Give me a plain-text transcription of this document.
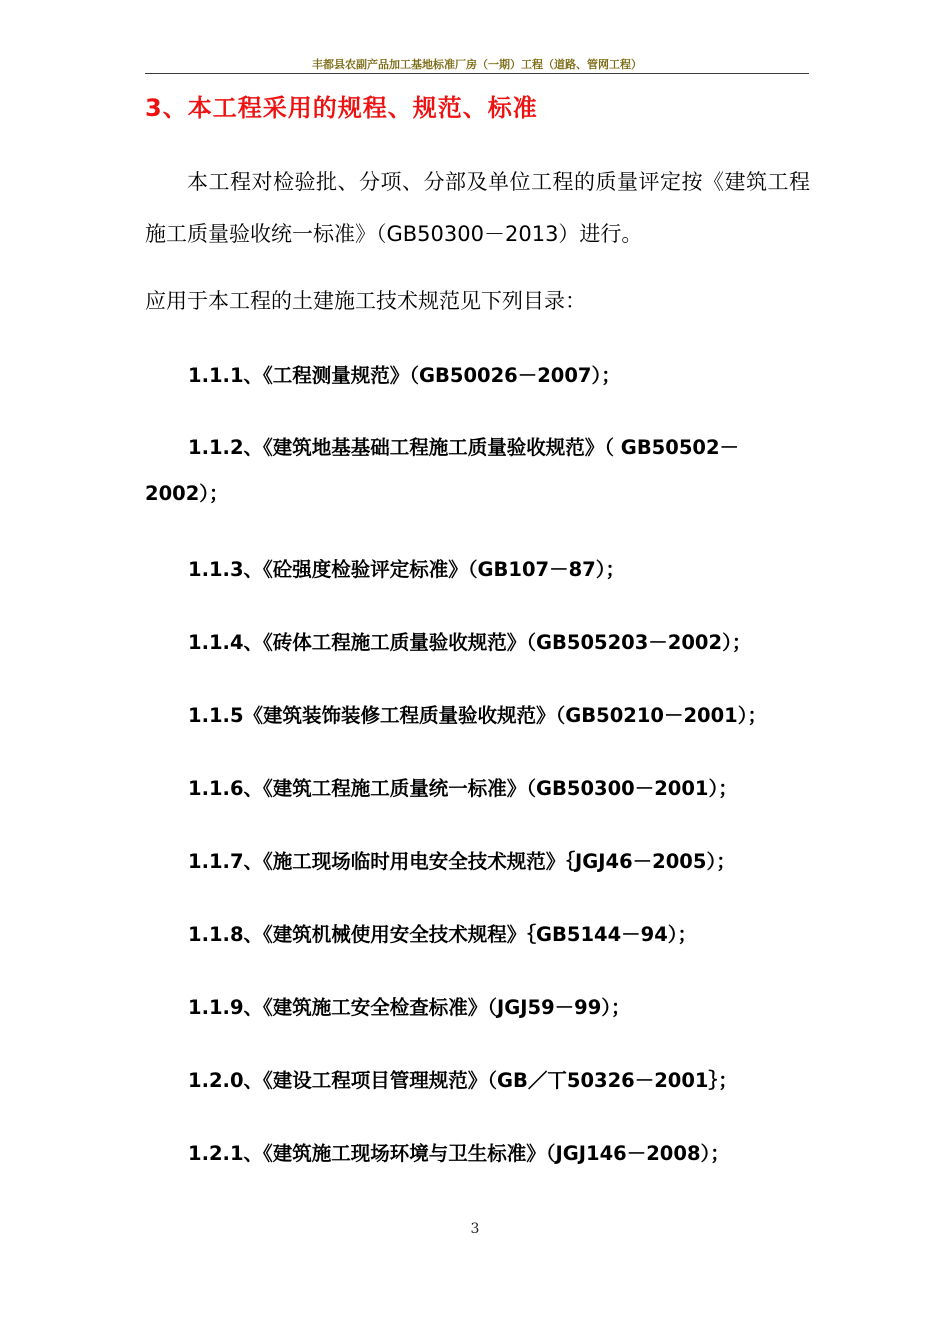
丰都县农副产品加工基地标准厂房（一期）工程（道路、管网工程）
3、本工程采用的规程、规范、标准
本工程对检验批、分项、分部及单位工程的质量评定按《建筑工程施工质量验收统一标准》（GB50300－2013）进行。
应用于本工程的土建施工技术规范见下列目录：
1.1.1、《工程测量规范》（GB50026－2007）；
1.1.2、《建筑地基基础工程施工质量验收规范》（ GB50502－
2002）；
1.1.3、《砼强度检验评定标准》（GB107－87）；
1.1.4、《砖体工程施工质量验收规范》（GB505203－2002）；
1.1.5《建筑装饰装修工程质量验收规范》（GB50210－2001）；
1.1.6、《建筑工程施工质量统一标准》（GB50300－2001）；
1.1.7、《施工现场临时用电安全技术规范》｛JGJ46－2005）；
1.1.8、《建筑机械使用安全技术规程》｛GB5144－94）；
1.1.9、《建筑施工安全检查标准》（JGJ59－99）；
1.2.0、《建设工程项目管理规范》（GB／丅50326－2001｝；
1.2.1、《建筑施工现场环境与卫生标准》（JGJ146－2008）；
3
